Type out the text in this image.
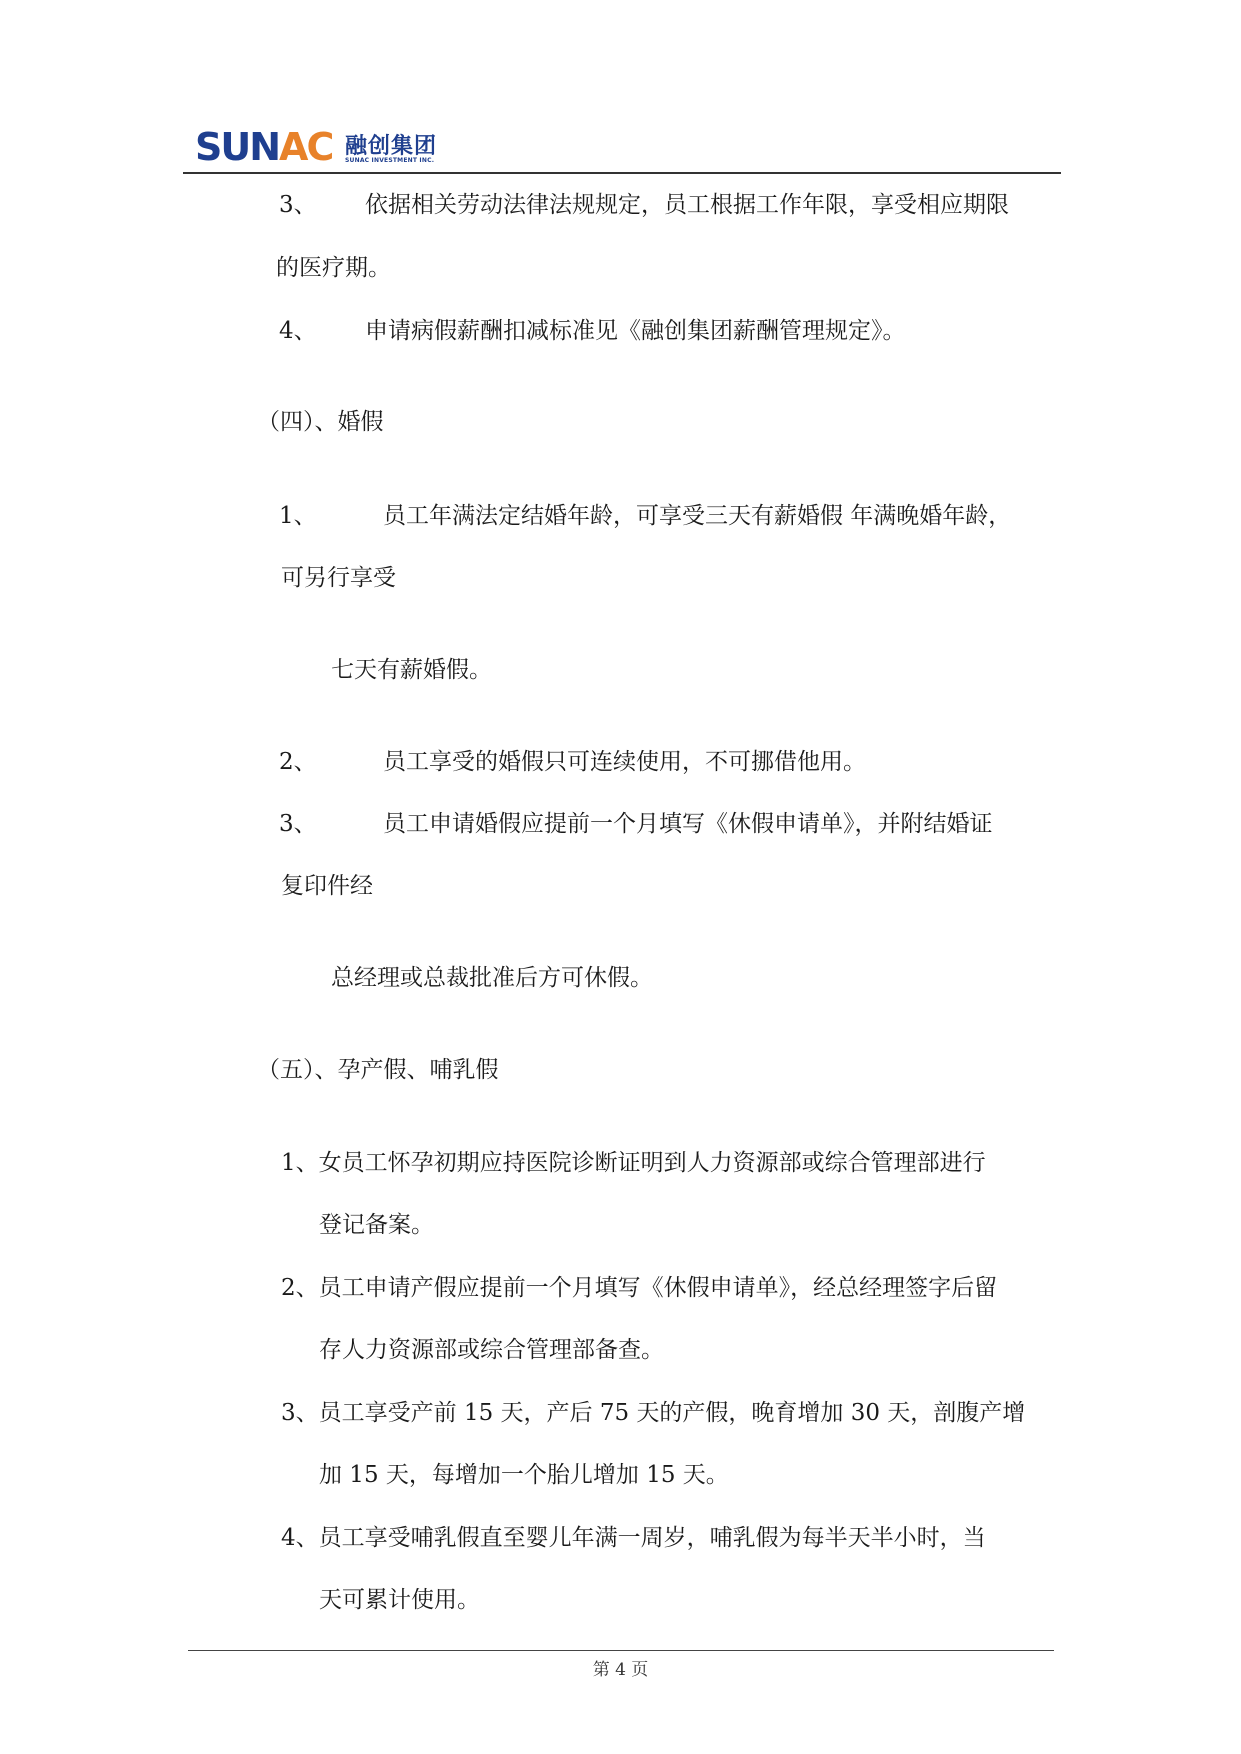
SUNAC 融创集团
SUNAC INVESTMENT INC.
3、 依据相关劳动法律法规规定，员工根据工作年限，享受相应期限
的医疗期。
4、 申请病假薪酬扣减标准见《融创集团薪酬管理规定》。
（四）、婚假
1、	员工年满法定结婚年龄，可享受三天有薪婚假 年满晚婚年龄，
可另行享受
七天有薪婚假。
2、	员工享受的婚假只可连续使用，不可挪借他用。
3、	员工申请婚假应提前一个月填写《休假申请单》，并附结婚证
复印件经
总经理或总裁批准后方可休假。
（五）、孕产假、哺乳假
1、女员工怀孕初期应持医院诊断证明到人力资源部或综合管理部进行
登记备案。
2、员工申请产假应提前一个月填写《休假申请单》，经总经理签字后留
存人力资源部或综合管理部备查。
3、员工享受产前 15 天，产后 75 天的产假，晚育增加 30 天，剖腹产增
加 15 天，每增加一个胎儿增加 15 天。
4、员工享受哺乳假直至婴儿年满一周岁，哺乳假为每半天半小时，当
天可累计使用。
第 4 页
